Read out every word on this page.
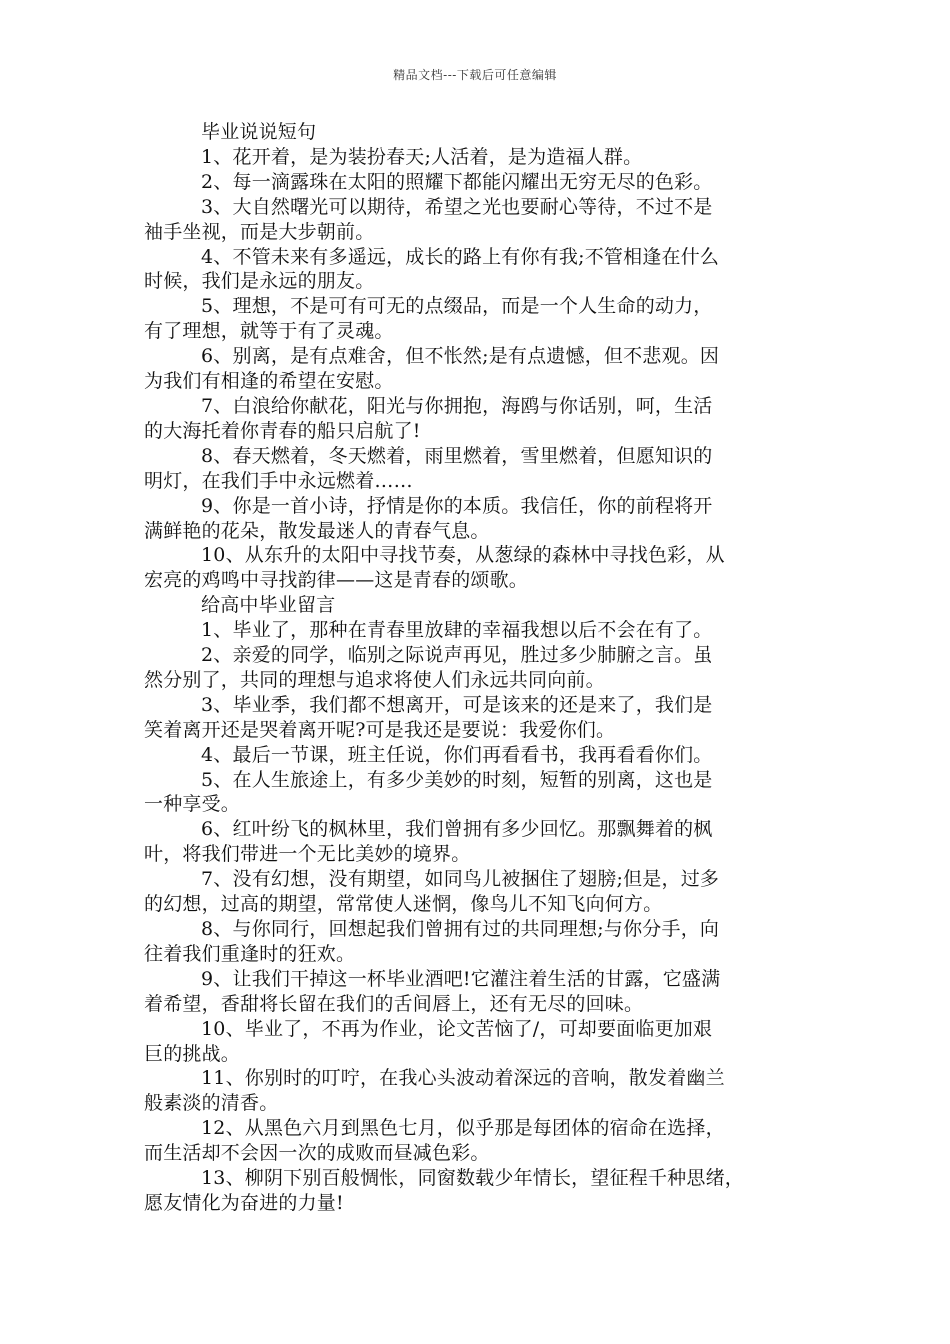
精品文档---下载后可任意编辑
毕业说说短句
1、花开着，是为装扮春天;人活着，是为造福人群。
2、每一滴露珠在太阳的照耀下都能闪耀出无穷无尽的色彩。
3、大自然曙光可以期待，希望之光也要耐心等待，不过不是
袖手坐视，而是大步朝前。
4、不管未来有多遥远，成长的路上有你有我;不管相逢在什么
时候，我们是永远的朋友。
5、理想，不是可有可无的点缀品，而是一个人生命的动力，
有了理想，就等于有了灵魂。
6、别离，是有点难舍，但不怅然;是有点遗憾，但不悲观。因
为我们有相逢的希望在安慰。
7、白浪给你献花，阳光与你拥抱，海鸥与你话别，呵，生活
的大海托着你青春的船只启航了!
8、春天燃着，冬天燃着，雨里燃着，雪里燃着，但愿知识的
明灯，在我们手中永远燃着……
9、你是一首小诗，抒情是你的本质。我信任，你的前程将开
满鲜艳的花朵，散发最迷人的青春气息。
10、从东升的太阳中寻找节奏，从葱绿的森林中寻找色彩，从
宏亮的鸡鸣中寻找韵律——这是青春的颂歌。
给高中毕业留言
1、毕业了，那种在青春里放肆的幸福我想以后不会在有了。
2、亲爱的同学，临别之际说声再见，胜过多少肺腑之言。虽
然分别了，共同的理想与追求将使人们永远共同向前。
3、毕业季，我们都不想离开，可是该来的还是来了，我们是
笑着离开还是哭着离开呢?可是我还是要说：我爱你们。
4、最后一节课，班主任说，你们再看看书，我再看看你们。
5、在人生旅途上，有多少美妙的时刻，短暂的别离，这也是
一种享受。
6、红叶纷飞的枫林里，我们曾拥有多少回忆。那飘舞着的枫
叶，将我们带进一个无比美妙的境界。
7、没有幻想，没有期望，如同鸟儿被捆住了翅膀;但是，过多
的幻想，过高的期望，常常使人迷惘，像鸟儿不知飞向何方。
8、与你同行，回想起我们曾拥有过的共同理想;与你分手，向
往着我们重逢时的狂欢。
9、让我们干掉这一杯毕业酒吧!它灌注着生活的甘露，它盛满
着希望，香甜将长留在我们的舌间唇上，还有无尽的回味。
10、毕业了，不再为作业，论文苦恼了/，可却要面临更加艰
巨的挑战。
11、你别时的叮咛，在我心头波动着深远的音响，散发着幽兰
般素淡的清香。
12、从黑色六月到黑色七月，似乎那是每团体的宿命在选择，
而生活却不会因一次的成败而昼减色彩。
13、柳阴下别百般惆怅，同窗数载少年情长，望征程千种思绪，
愿友情化为奋进的力量!
